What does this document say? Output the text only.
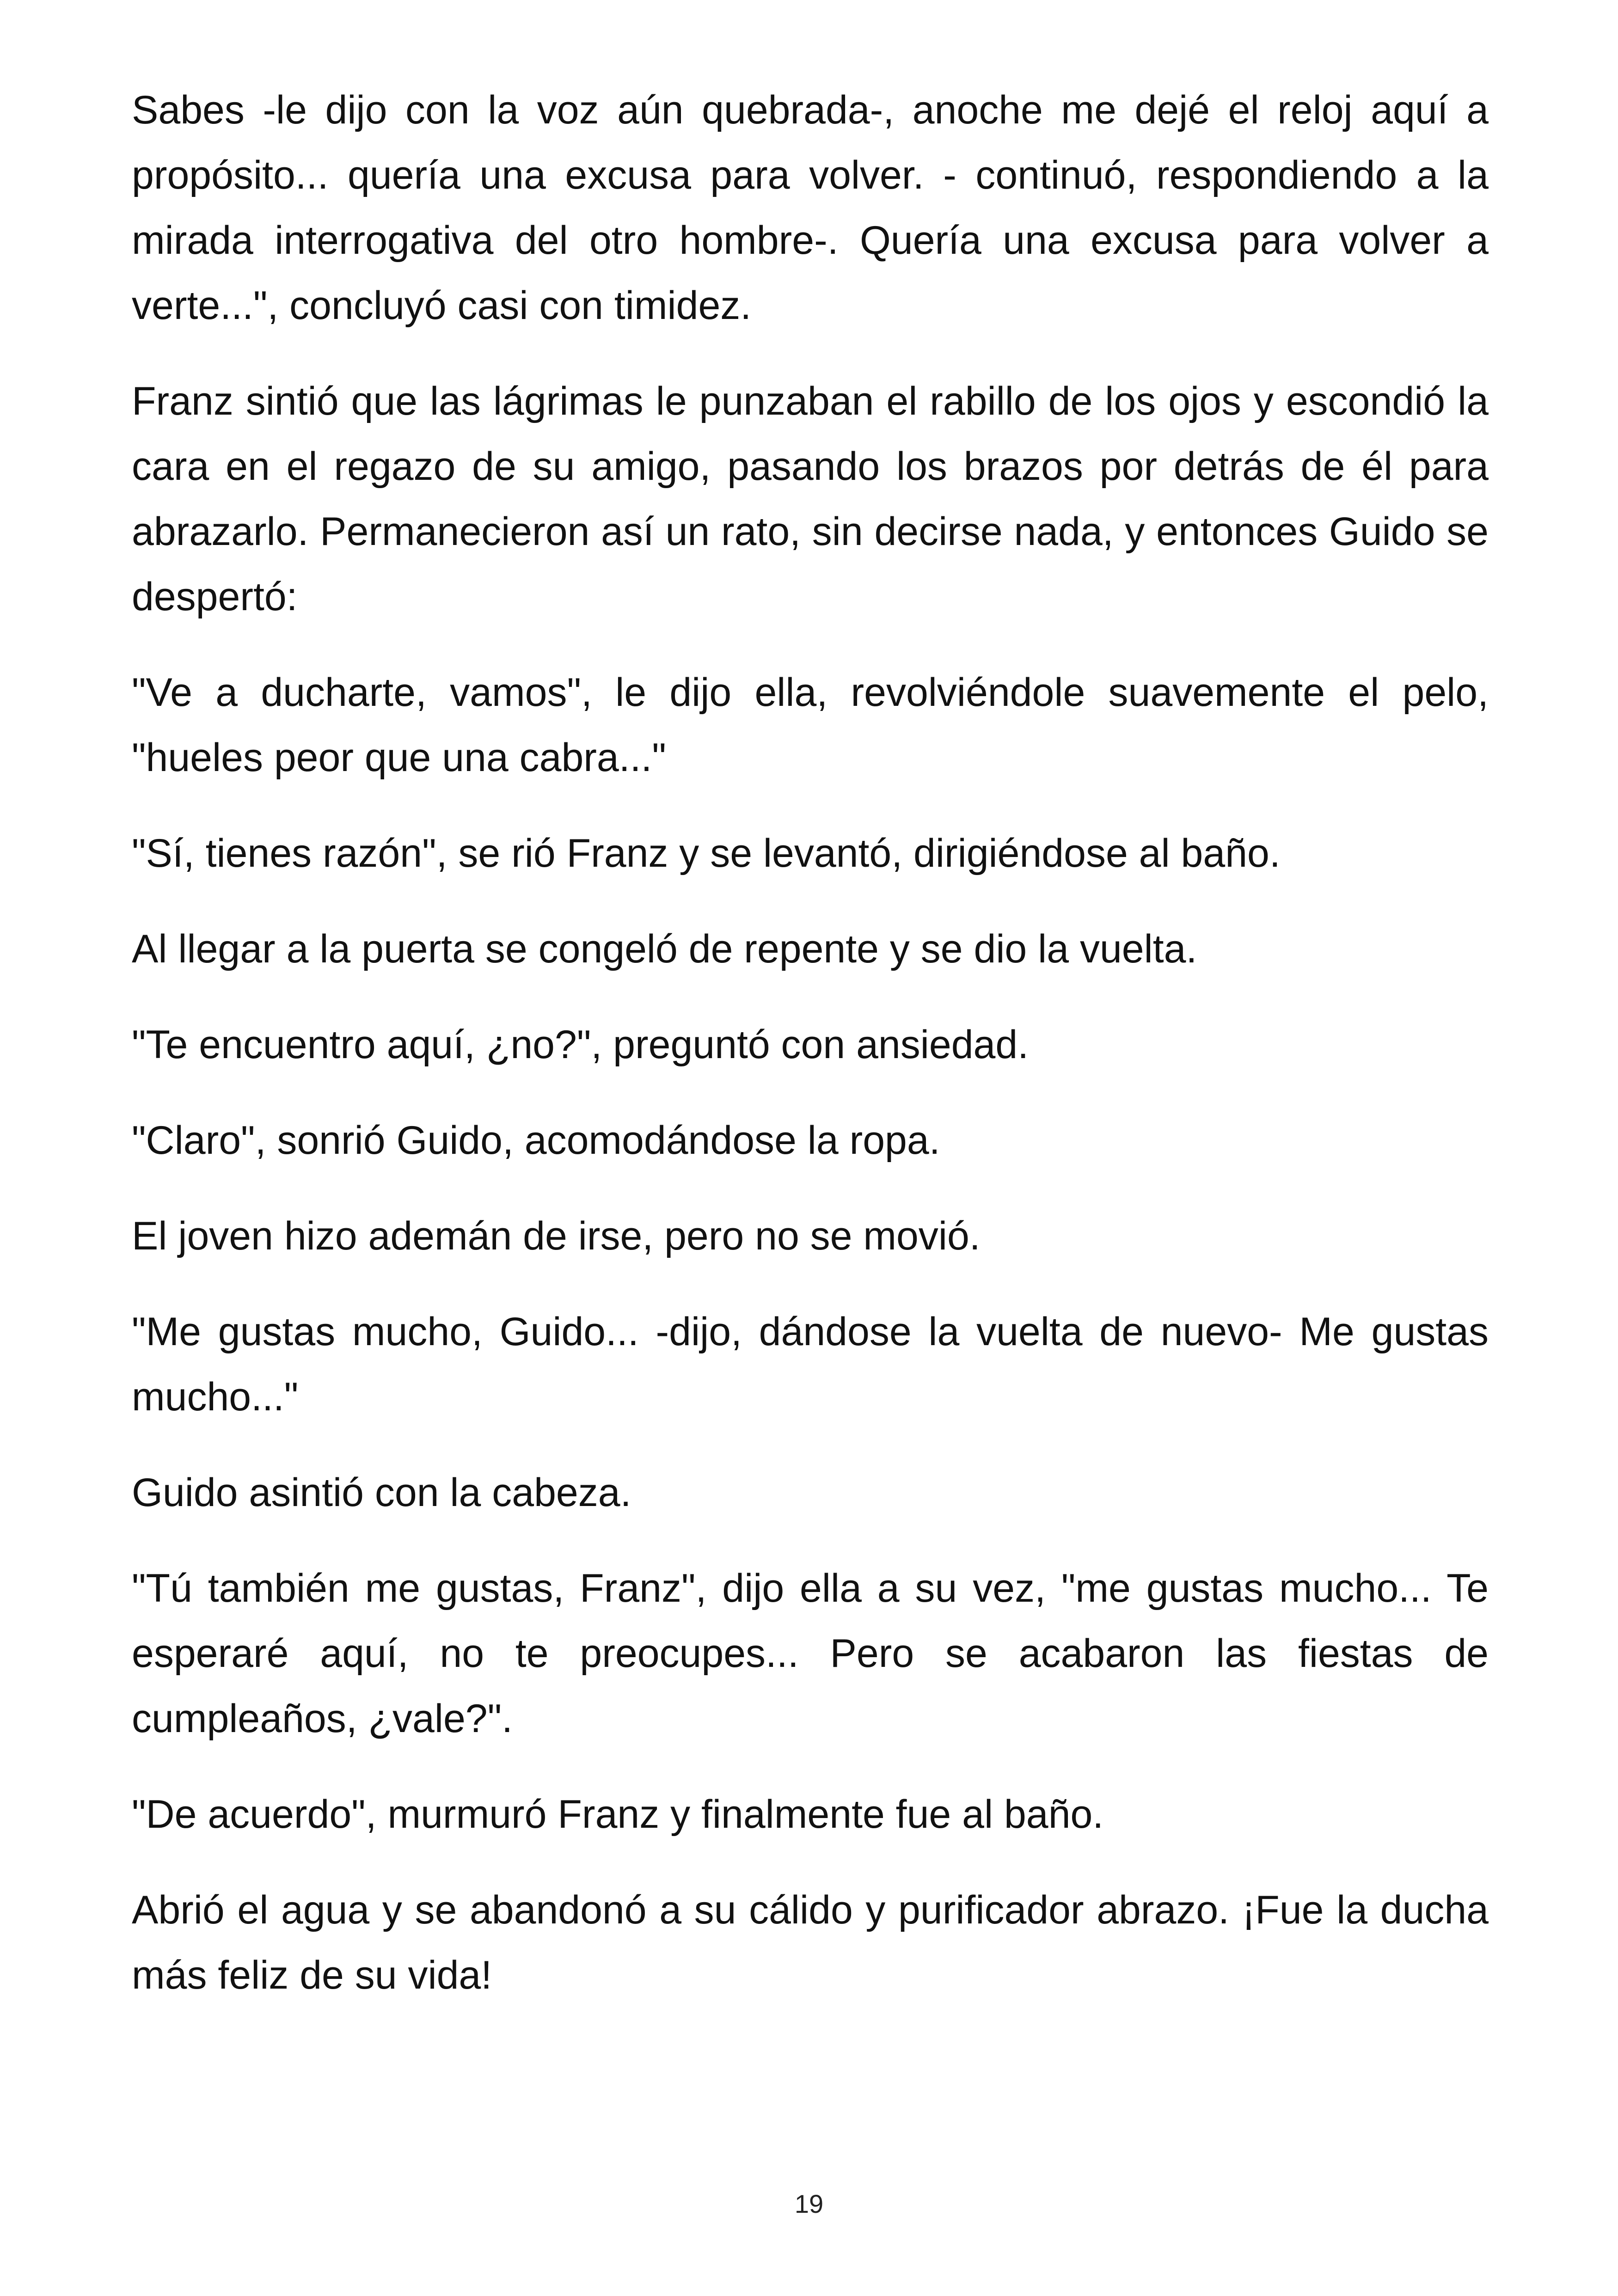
Sabes -le dijo con la voz aún quebrada-, anoche me dejé el reloj aquí a propósito... quería una excusa para volver. - continuó, respondiendo a la mirada interrogativa del otro hombre-. Quería una excusa para volver a verte...", concluyó casi con timidez.

Franz sintió que las lágrimas le punzaban el rabillo de los ojos y escondió la cara en el regazo de su amigo, pasando los brazos por detrás de él para abrazarlo. Permanecieron así un rato, sin decirse nada, y entonces Guido se despertó:

"Ve a ducharte, vamos", le dijo ella, revolviéndole suavemente el pelo, "hueles peor que una cabra..."

"Sí, tienes razón", se rió Franz y se levantó, dirigiéndose al baño.

Al llegar a la puerta se congeló de repente y se dio la vuelta.

"Te encuentro aquí, ¿no?", preguntó con ansiedad.

"Claro", sonrió Guido, acomodándose la ropa.

El joven hizo ademán de irse, pero no se movió.

"Me gustas mucho, Guido... -dijo, dándose la vuelta de nuevo- Me gustas mucho..."

Guido asintió con la cabeza.

"Tú también me gustas, Franz", dijo ella a su vez, "me gustas mucho... Te esperaré aquí, no te preocupes... Pero se acabaron las fiestas de cumpleaños, ¿vale?".

"De acuerdo", murmuró Franz y finalmente fue al baño.

Abrió el agua y se abandonó a su cálido y purificador abrazo. ¡Fue la ducha más feliz de su vida!

19
